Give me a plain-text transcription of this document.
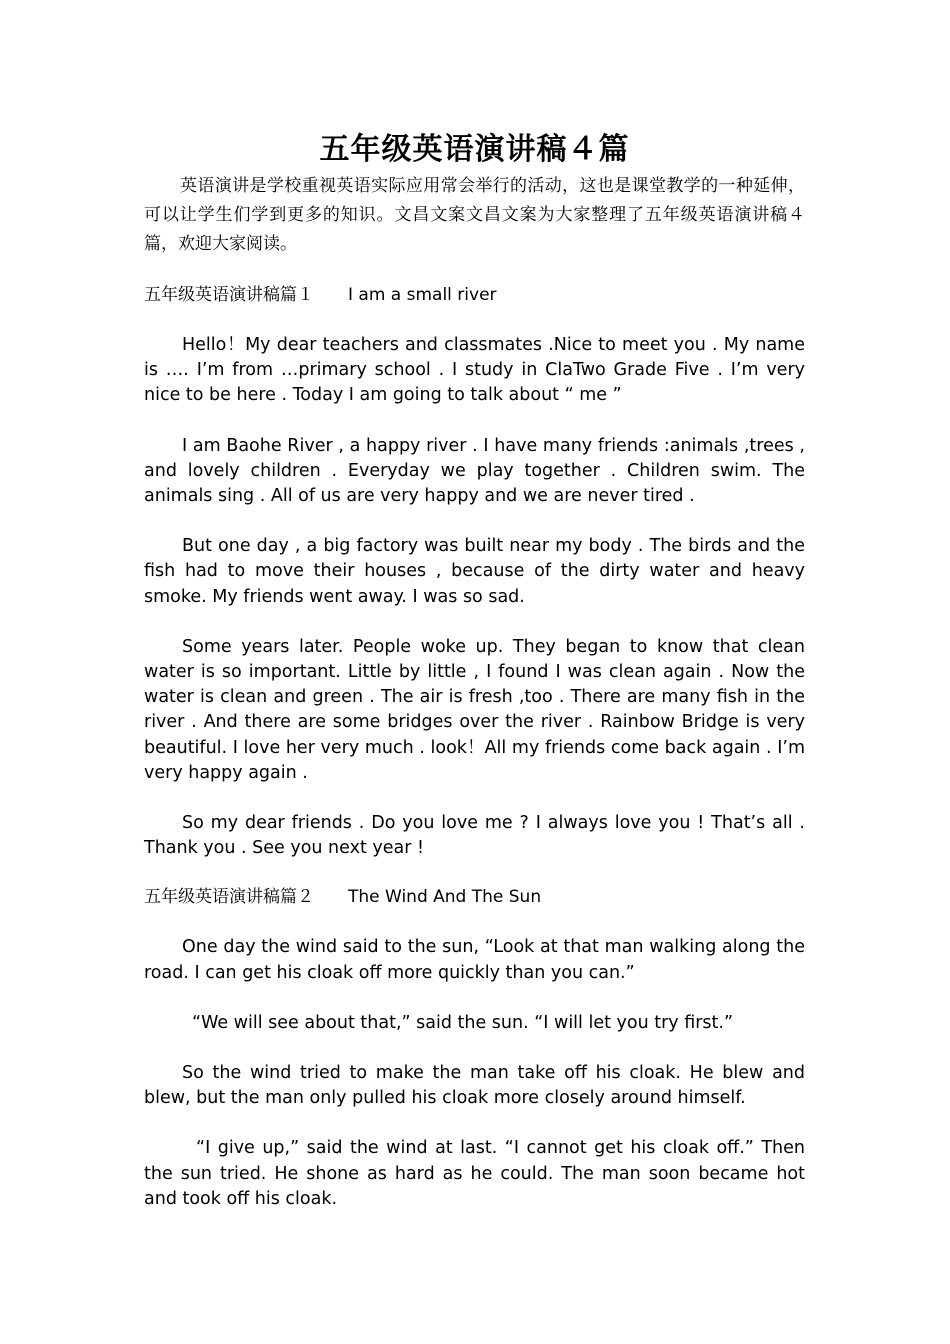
五年级英语演讲稿４篇

英语演讲是学校重视英语实际应用常会举行的活动，这也是课堂教学的一种延伸，可以让学生们学到更多的知识。文昌文案文昌文案为大家整理了五年级英语演讲稿４篇，欢迎大家阅读。

五年级英语演讲稿篇１ I am a small river

Hello！My dear teachers and classmates .Nice to meet you . My name is …. I’m from …primary school . I study in ClaTwo Grade Five . I’m very nice to be here . Today I am going to talk about “ me ”

I am Baohe River , a happy river . I have many friends :animals ,trees , and lovely children . Everyday we play together . Children swim. The animals sing . All of us are very happy and we are never tired .

But one day , a big factory was built near my body . The birds and the fish had to move their houses , because of the dirty water and heavy smoke. My friends went away. I was so sad.

Some years later. People woke up. They began to know that clean water is so important. Little by little , I found I was clean again . Now the water is clean and green . The air is fresh ,too . There are many fish in the river . And there are some bridges over the river . Rainbow Bridge is very beautiful. I love her very much . look！All my friends come back again . I’m very happy again .

So my dear friends . Do you love me ? I always love you ! That’s all . Thank you . See you next year !

五年级英语演讲稿篇２ The Wind And The Sun

One day the wind said to the sun, “Look at that man walking along the road. I can get his cloak off more quickly than you can.”

“We will see about that,” said the sun. “I will let you try first.”

So the wind tried to make the man take off his cloak. He blew and blew, but the man only pulled his cloak more closely around himself.

“I give up,” said the wind at last. “I cannot get his cloak off.” Then the sun tried. He shone as hard as he could. The man soon became hot and took off his cloak.
